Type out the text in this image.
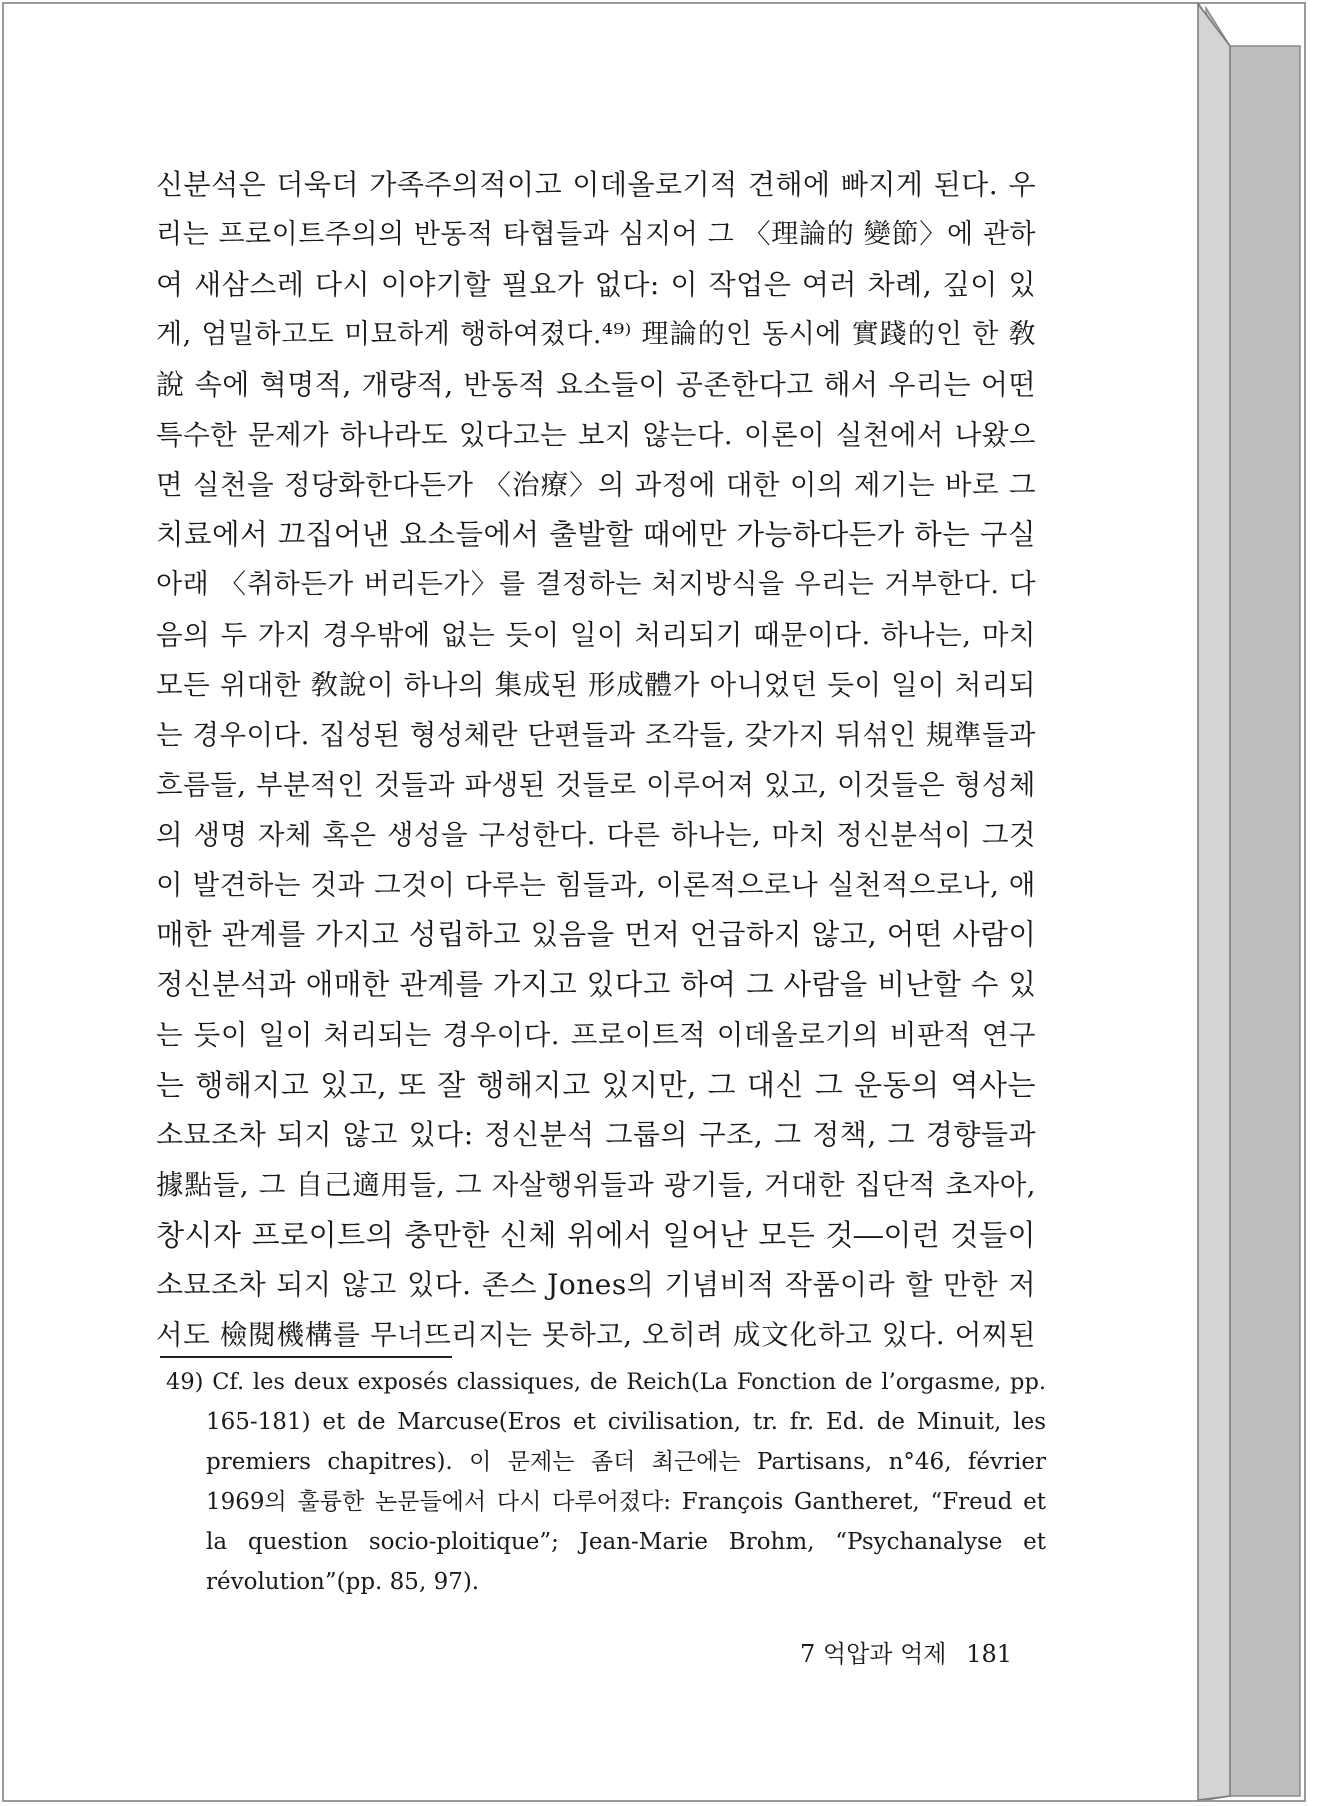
신분석은 더욱더 가족주의적이고 이데올로기적 견해에 빠지게 된다. 우
리는 프로이트주의의 반동적 타협들과 심지어 그 〈理論的 變節〉에 관하
여 새삼스레 다시 이야기할 필요가 없다: 이 작업은 여러 차례, 깊이 있
게, 엄밀하고도 미묘하게 행하여졌다.⁴⁹⁾ 理論的인 동시에 實踐的인 한 敎
說 속에 혁명적, 개량적, 반동적 요소들이 공존한다고 해서 우리는 어떤
특수한 문제가 하나라도 있다고는 보지 않는다. 이론이 실천에서 나왔으
면 실천을 정당화한다든가 〈治療〉의 과정에 대한 이의 제기는 바로 그
치료에서 끄집어낸 요소들에서 출발할 때에만 가능하다든가 하는 구실
아래 〈취하든가 버리든가〉를 결정하는 처지방식을 우리는 거부한다. 다
음의 두 가지 경우밖에 없는 듯이 일이 처리되기 때문이다. 하나는, 마치
모든 위대한 敎說이 하나의 集成된 形成體가 아니었던 듯이 일이 처리되
는 경우이다. 집성된 형성체란 단편들과 조각들, 갖가지 뒤섞인 規準들과
흐름들, 부분적인 것들과 파생된 것들로 이루어져 있고, 이것들은 형성체
의 생명 자체 혹은 생성을 구성한다. 다른 하나는, 마치 정신분석이 그것
이 발견하는 것과 그것이 다루는 힘들과, 이론적으로나 실천적으로나, 애
매한 관계를 가지고 성립하고 있음을 먼저 언급하지 않고, 어떤 사람이
정신분석과 애매한 관계를 가지고 있다고 하여 그 사람을 비난할 수 있
는 듯이 일이 처리되는 경우이다. 프로이트적 이데올로기의 비판적 연구
는 행해지고 있고, 또 잘 행해지고 있지만, 그 대신 그 운동의 역사는
소묘조차 되지 않고 있다: 정신분석 그룹의 구조, 그 정책, 그 경향들과
據點들, 그 自己適用들, 그 자살행위들과 광기들, 거대한 집단적 초자아,
창시자 프로이트의 충만한 신체 위에서 일어난 모든 것―이런 것들이
소묘조차 되지 않고 있다. 존스 Jones의 기념비적 작품이라 할 만한 저
서도 檢閱機構를 무너뜨리지는 못하고, 오히려 成文化하고 있다. 어찌된
49) Cf. les deux exposés classiques, de Reich(La Fonction de l’orgasme, pp.
165-181) et de Marcuse(Eros et civilisation, tr. fr. Ed. de Minuit, les
premiers chapitres). 이 문제는 좀더 최근에는 Partisans, n°46, février
1969의 훌륭한 논문들에서 다시 다루어졌다: François Gantheret, “Freud et
la question socio-ploitique”; Jean-Marie Brohm, “Psychanalyse et
révolution”(pp. 85, 97).
7 억압과 억제 181
